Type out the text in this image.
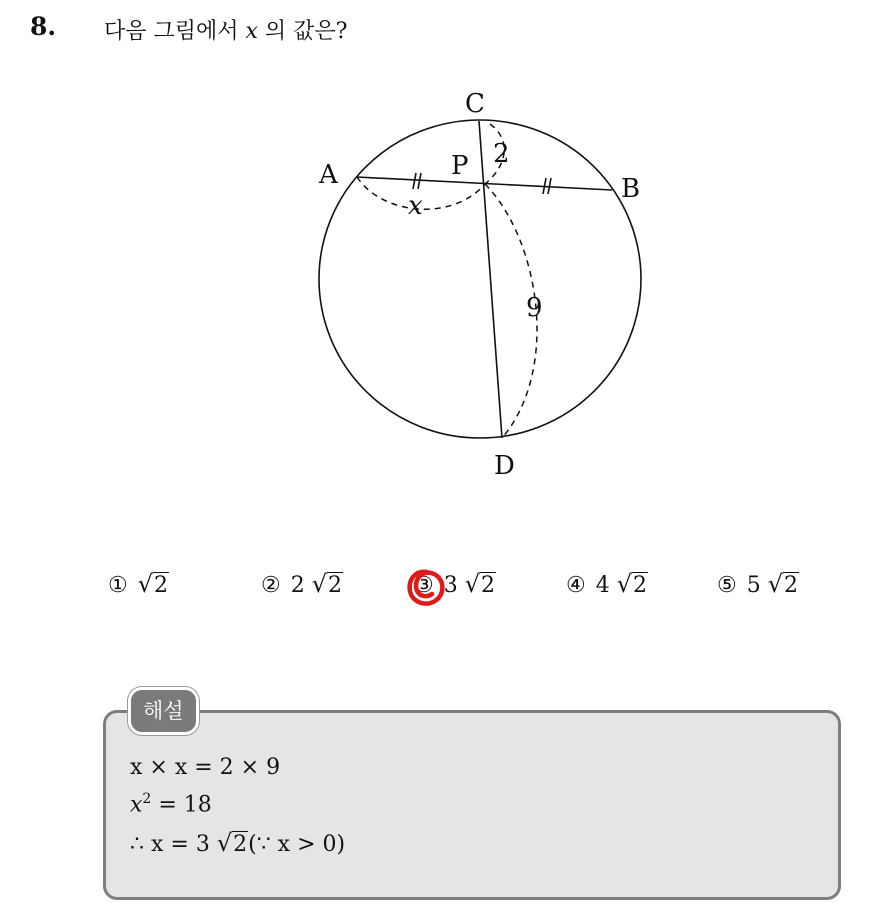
8. 다음 그림에서 x 의 값은?
C
A	P
B
D
2
9
x
① √2	② 2 √2	③ 3 √2	④ 4 √2	⑤ 5 √2
해설
x × x = 2 × 9
$x^2 = 18$
∴ x = 3 √2(∵ x > 0)
